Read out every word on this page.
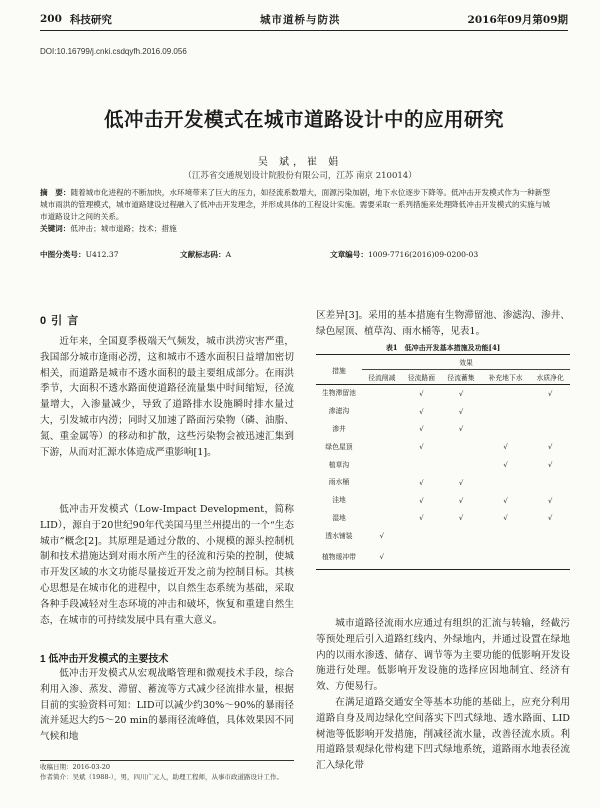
200 科技研究	城市道桥与防洪	2016年09月第09期
DOI:10.16799/j.cnki.csdqyfh.2016.09.056
低冲击开发模式在城市道路设计中的应用研究
吴 斌，崔 娟
（江苏省交通规划设计院股份有限公司，江苏 南京 210014）
摘　要：随着城市化进程的不断加快，水环境带来了巨大的压力，如径流系数增大，面源污染加剧，地下水位逐步下降等。低冲击开发模式作为一种新型城市雨洪的管理模式，城市道路建设过程融入了低冲击开发理念，并形成具体的工程设计实施。需要采取一系列措施来处理降低冲击开发模式的实施与城市道路设计之间的关系。
关键词：低冲击；城市道路；技术；措施
中图分类号：U412.37	文献标志码：A	文章编号：1009-7716(2016)09-0200-03
0 引 言

近年来，全国夏季极端天气频发，城市洪涝灾害严重，我国部分城市逢雨必涝，这和城市不透水面积日益增加密切相关，而道路是城市不透水面积的最主要组成部分。在雨洪季节，大面积不透水路面使道路径流量集中时间缩短，径流量增大，入渗量减少，导致了道路排水设施瞬时排水量过大，引发城市内涝；同时又加速了路面污染物（磷、油脂、氮、重金属等）的移动和扩散，这些污染物会被迅速汇集到下游，从而对汇源水体造成严重影响[1]。

低冲击开发模式（Low-Impact Development，简称LID），源自于20世纪90年代美国马里兰州提出的一个“生态城市”概念[2]。其原理是通过分散的、小规模的源头控制机制和技术措施达到对雨水所产生的径流和污染的控制，使城市开发区域的水文功能尽量接近开发之前为控制目标。其核心思想是在城市化的进程中，以自然生态系统为基础，采取各种手段减轻对生态环境的冲击和破坏，恢复和重建自然生态，在城市的可持续发展中具有重大意义。

1 低冲击开发模式的主要技术

低冲击开发模式从宏观战略管理和微观技术手段，综合利用入渗、蒸发、滞留、蓄流等方式减少径流排水量，根据目前的实验资料可知：LID可以减少约30%～90%的暴雨径流并延迟大约5～20 min的暴雨径流峰值，具体效果因不同气候和地

收稿日期：2016-03-20
作者简介：吴斌（1988-），男，四川广元人，助理工程师，从事市政道路设计工作。

区差异[3]。采用的基本措施有生物滞留池、渗滤沟、渗井、绿色屋顶、植草沟、雨水桶等，见表1。

表1　低冲击开发基本措施及功能[4]
措施	效果				
	径流削减	径流路面	径流蓄集	补充地下水	水质净化
生物滞留池		√	√		√
渗滤沟		√	√		
渗井		√	√		
绿色屋顶		√		√	√
植草沟				√	√
雨水桶		√	√		
洼地		√	√	√	√
湿地		√	√	√	√
透水铺装	√				
植物缓冲带	√				

城市道路径流雨水应通过有组织的汇流与转输，经截污等预处理后引入道路红线内、外绿地内，并通过设置在绿地内的以雨水渗透、储存、调节等为主要功能的低影响开发设施进行处理。低影响开发设施的选择应因地制宜、经济有效、方便易行。

在满足道路交通安全等基本功能的基础上，应充分利用道路自身及周边绿化空间落实下凹式绿地、透水路面、LID树池等低影响开发措施，削减径流水量，改善径流水质。利用道路景观绿化带构建下凹式绿地系统，道路雨水地表径流汇入绿化带
